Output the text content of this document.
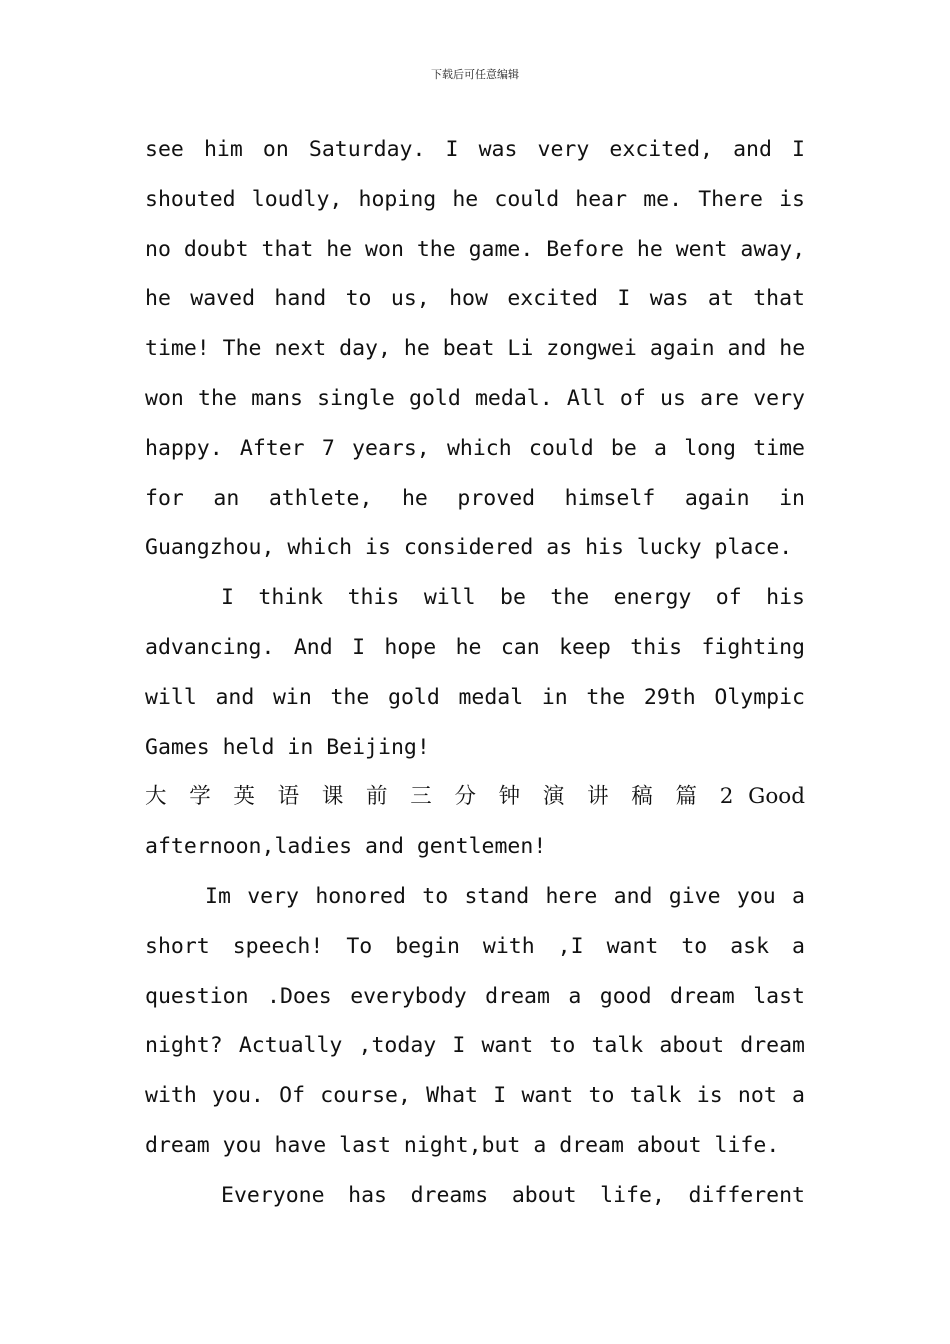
下载后可任意编辑
see him on Saturday. I was very excited, and I
shouted loudly, hoping he could hear me. There is
no doubt that he won the game. Before he went away,
he waved hand to us, how excited I was at that
time! The next day, he beat Li zongwei again and he
won the mans single gold medal. All of us are very
happy. After 7 years, which could be a long time
for an athlete, he proved himself again in
Guangzhou, which is considered as his lucky place.
I think this will be the energy of his
advancing. And I hope he can keep this fighting
will and win the gold medal in the 29th Olympic
Games held in Beijing!
大 学 英 语 课 前 三 分 钟 演 讲 稿 篇 2 Good
afternoon,ladies and gentlemen!
Im very honored to stand here and give you a
short speech! To begin with ,I want to ask a
question .Does everybody dream a good dream last
night? Actually ,today I want to talk about dream
with you. Of course, What I want to talk is not a
dream you have last night,but a dream about life.
Everyone has dreams about life, different
